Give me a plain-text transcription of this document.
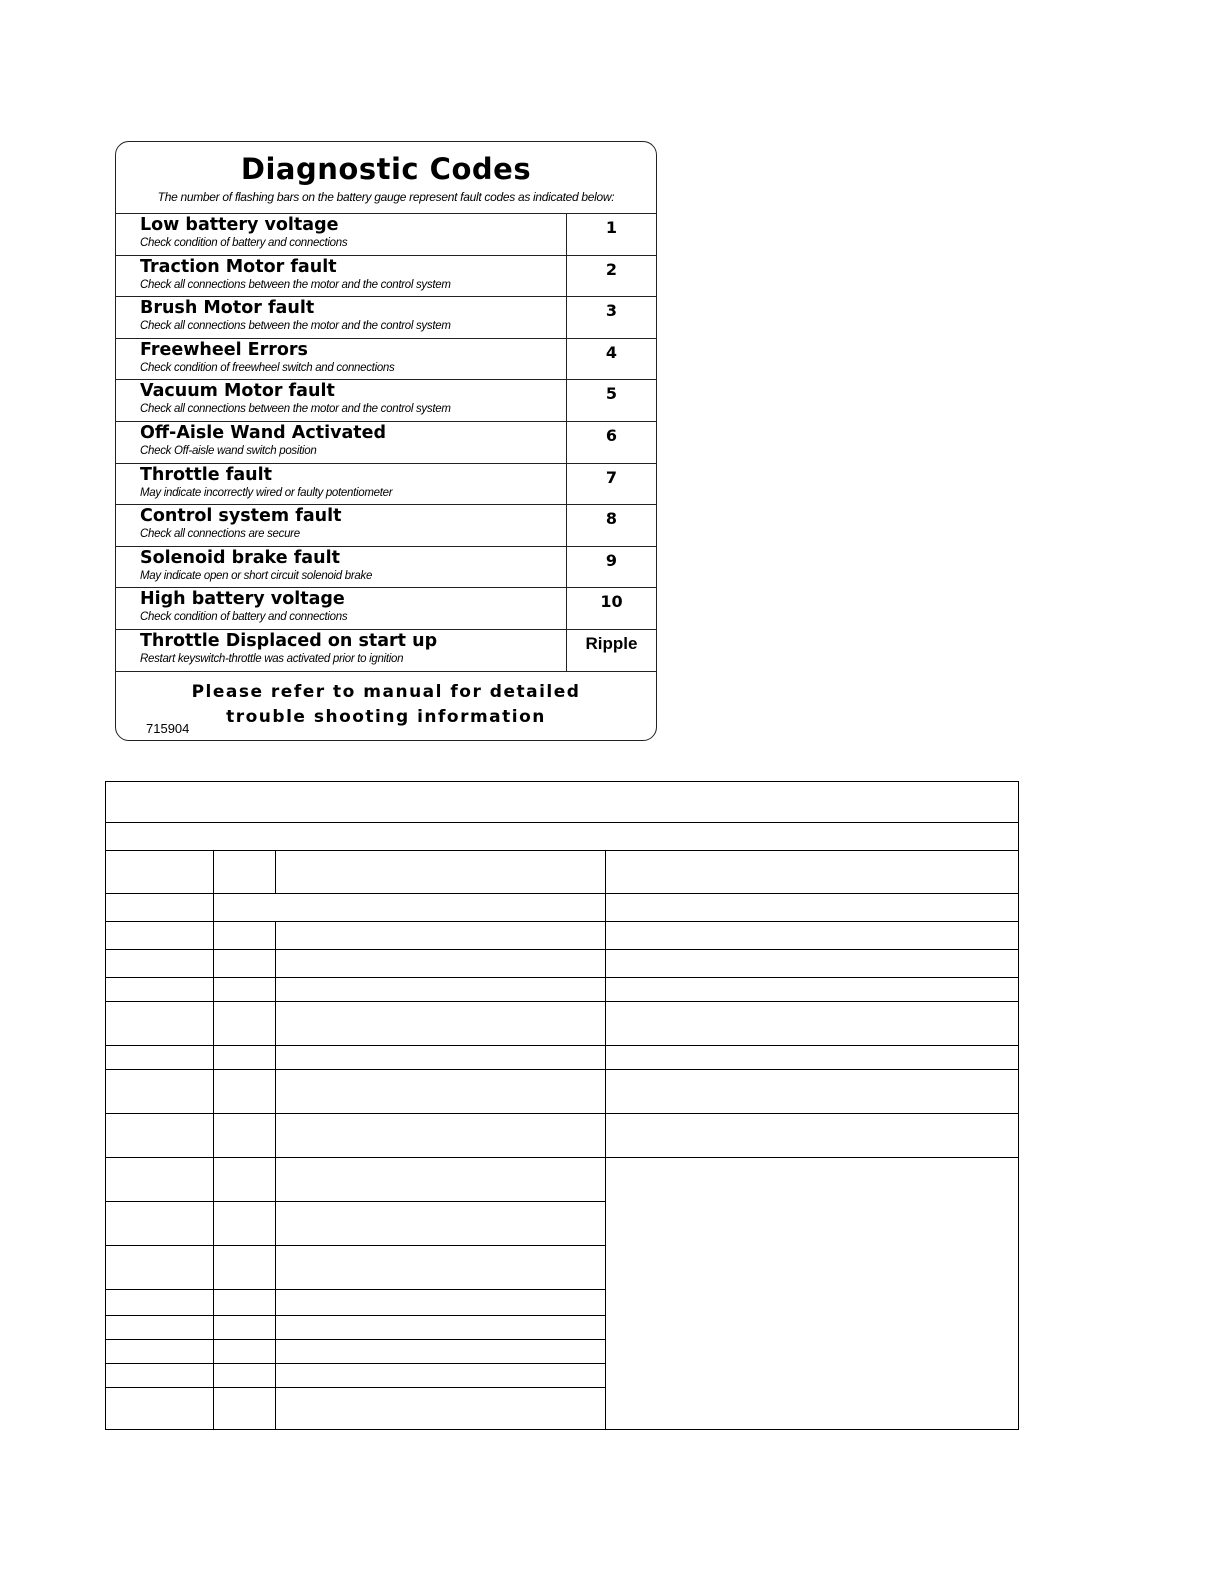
Diagnostic Codes
The number of flashing bars on the battery gauge represent fault codes as indicated below:
Low battery voltage
Check condition of battery and connections
1
Traction Motor fault
Check all connections between the motor and the control system
2
Brush Motor fault
Check all connections between the motor and the control system
3
Freewheel Errors
Check condition of freewheel switch and connections
4
Vacuum Motor fault
Check all connections between the motor and the control system
5
Off-Aisle Wand Activated
Check Off-aisle wand switch position
6
Throttle fault
May indicate incorrectly wired or faulty potentiometer
7
Control system fault
Check all connections are secure
8
Solenoid brake fault
May indicate open or short circuit solenoid brake
9
High battery voltage
Check condition of battery and connections
10
Throttle Displaced on start up
Restart keyswitch-throttle was activated prior to ignition
Ripple
Please refer to manual for detailed
trouble shooting information
715904
